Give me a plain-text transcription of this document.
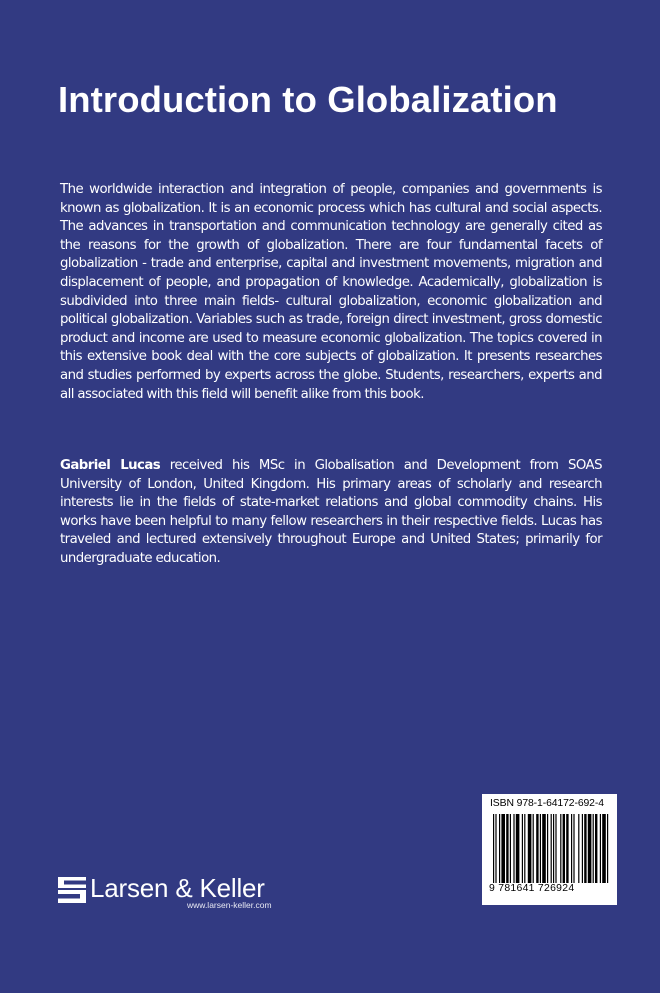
Introduction to Globalization

The worldwide interaction and integration of people, companies and governments is known as globalization. It is an economic process which has cultural and social aspects. The advances in transportation and communication technology are generally cited as the reasons for the growth of globalization. There are four fundamental facets of globalization - trade and enterprise, capital and investment movements, migration and displacement of people, and propagation of knowledge. Academically, globalization is subdivided into three main fields- cultural globalization, economic globalization and political globalization. Variables such as trade, foreign direct investment, gross domestic product and income are used to measure economic globalization. The topics covered in this extensive book deal with the core subjects of globalization. It presents researches and studies performed by experts across the globe. Students, researchers, experts and all associated with this field will benefit alike from this book.

Gabriel Lucas received his MSc in Globalisation and Development from SOAS University of London, United Kingdom. His primary areas of scholarly and research interests lie in the fields of state-market relations and global commodity chains. His works have been helpful to many fellow researchers in their respective fields. Lucas has traveled and lectured extensively throughout Europe and United States; primarily for undergraduate education.

ISBN 978-1-64172-692-4
9 781641 726924
Larsen & Keller
www.larsen-keller.com
